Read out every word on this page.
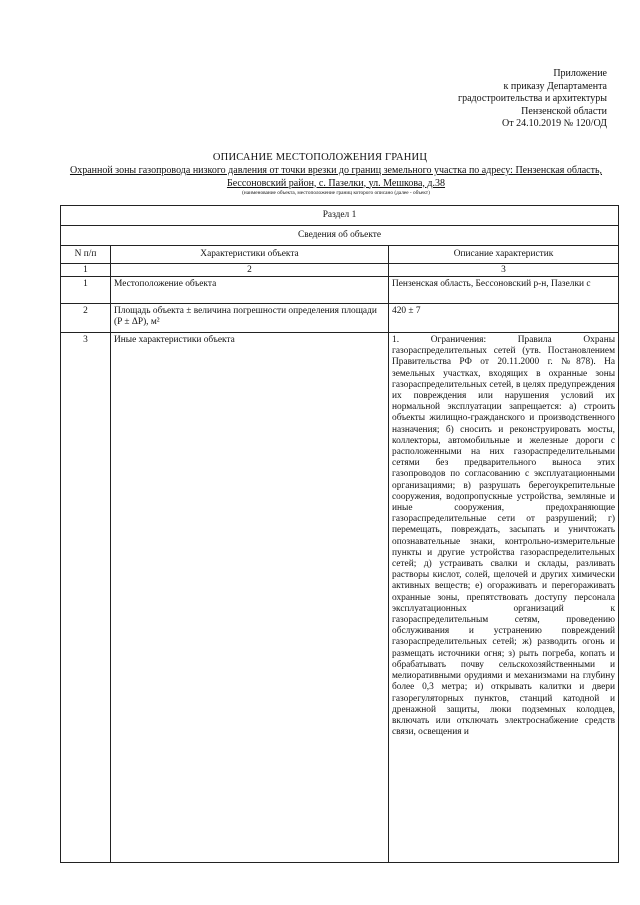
Приложение
к приказу Департамента
градостроительства и архитектуры
Пензенской области
От 24.10.2019 № 120/ОД
ОПИСАНИЕ МЕСТОПОЛОЖЕНИЯ ГРАНИЦ
Охранной зоны газопровода низкого давления от точки врезки до границ земельного участка по адресу: Пензенская область, Бессоновский район, с. Пазелки, ул. Мешкова, д.38
(наименование объекта, местоположение границ которого описано (далее - объект)
Раздел 1		
Сведения об объекте		
N п/п	Характеристики объекта	Описание характеристик
1	2	3
1	Местоположение объекта	Пензенская область, Бессоновский р-н, Пазелки с
2	Площадь объекта ± величина погрешности определения площади (P ± ΔP), м²	420 ± 7
3	Иные характеристики объекта	1. Ограничения: Правила Охраны газораспределительных сетей (утв. Постановлением Правительства РФ от 20.11.2000 г. №878). На земельных участках, входящих в охранные зоны газораспределительных сетей, в целях предупреждения их повреждения или нарушения условий их нормальной эксплуатации запрещается: а) строить объекты жилищно-гражданского и производственного назначения; б) сносить и реконструировать мосты, коллекторы, автомобильные и железные дороги с расположенными на них газораспределительными сетями без предварительного выноса этих газопроводов по согласованию с эксплуатационными организациями; в) разрушать берегоукрепительные сооружения, водопропускные устройства, земляные и иные сооружения, предохраняющие газораспределительные сети от разрушений; г) перемещать, повреждать, засыпать и уничтожать опознавательные знаки, контрольно-измерительные пункты и другие устройства газораспределительных сетей; д) устраивать свалки и склады, разливать растворы кислот, солей, щелочей и других химически активных веществ; е) огораживать и перегораживать охранные зоны, препятствовать доступу персонала эксплуатационных организаций к газораспределительным сетям, проведению обслуживания и устранению повреждений газораспределительных сетей; ж) разводить огонь и размещать источники огня; з) рыть погреба, копать и обрабатывать почву сельскохозяйственными и мелиоративными орудиями и механизмами на глубину более 0,3 метра; и) открывать калитки и двери газорегуляторных пунктов, станций катодной и дренажной защиты, люки подземных колодцев, включать или отключать электроснабжение средств связи, освещения и
